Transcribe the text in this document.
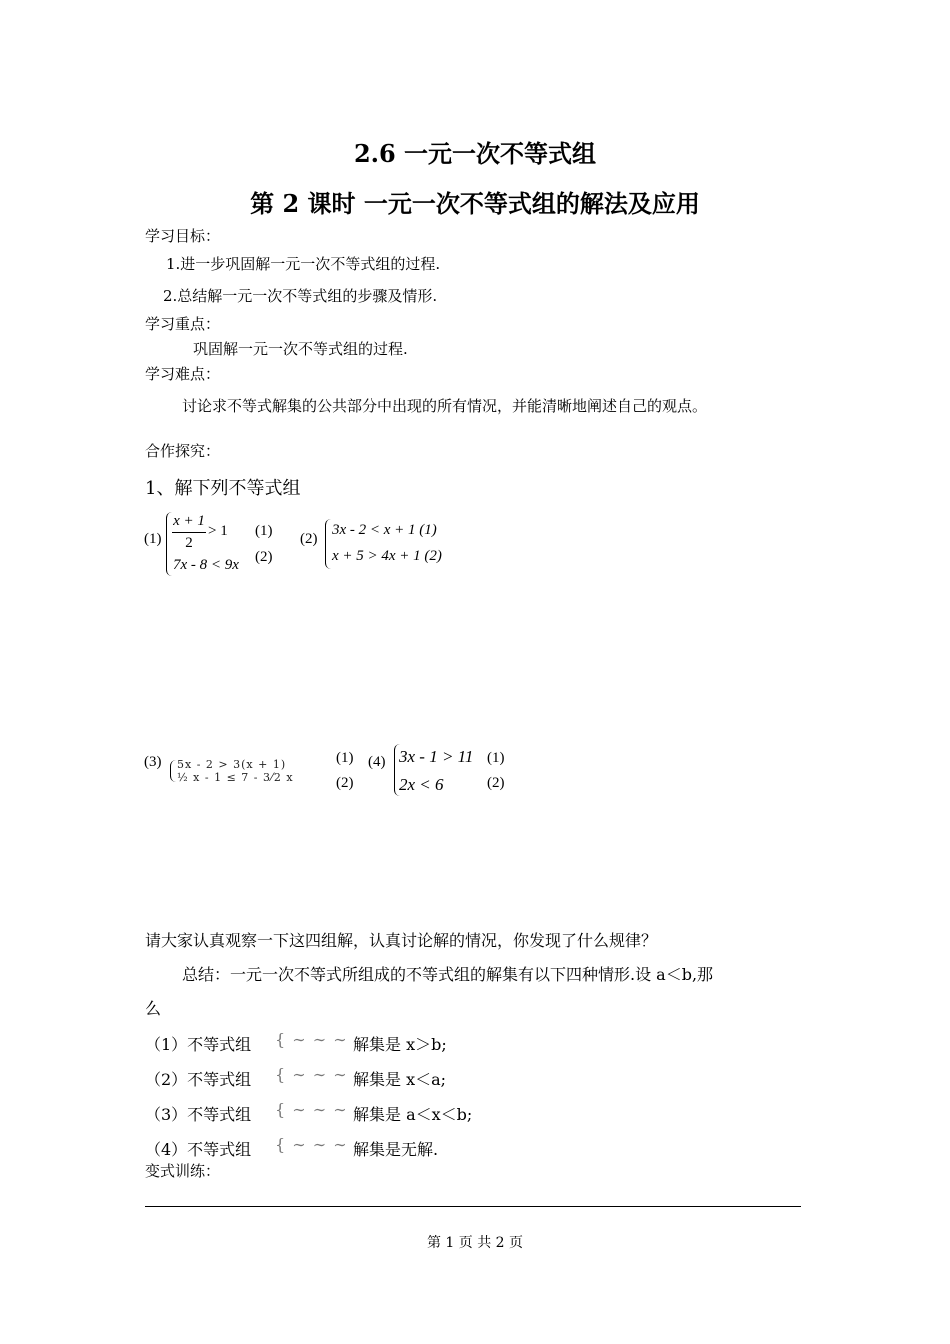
2.6 一元一次不等式组
第 2 课时 一元一次不等式组的解法及应用
学习目标：
1.进一步巩固解一元一次不等式组的过程.
2.总结解一元一次不等式组的步骤及情形.
学习重点：
巩固解一元一次不等式组的过程.
学习难点：
讨论求不等式解集的公共部分中出现的所有情况，并能清晰地阐述自己的观点。
合作探究：
1、解下列不等式组
(1)
x + 1
2
> 1
7x - 8 < 9x
(1)
(2)
(2)
3x - 2 < x + 1 (1)
x + 5 > 4x + 1 (2)
(3) 5x - 2 > 3(x + 1)
½ x - 1 ≤ 7 - 3⁄2 x
(1)
(2)
(4) 3x - 1 > 11
2x < 6
(1)
(2)
请大家认真观察一下这四组解，认真讨论解的情况，你发现了什么规律？
总结：一元一次不等式所组成的不等式组的解集有以下四种情形.设 a＜b,那
么
（1）不等式组 { ∼ ∼ ∼ 解集是 x＞b;
（2）不等式组 { ∼ ∼ ∼ 解集是 x＜a;
（3）不等式组 { ∼ ∼ ∼ 解集是 a＜x＜b;
（4）不等式组 { ∼ ∼ ∼ 解集是无解.
变式训练：
第 1 页 共 2 页
